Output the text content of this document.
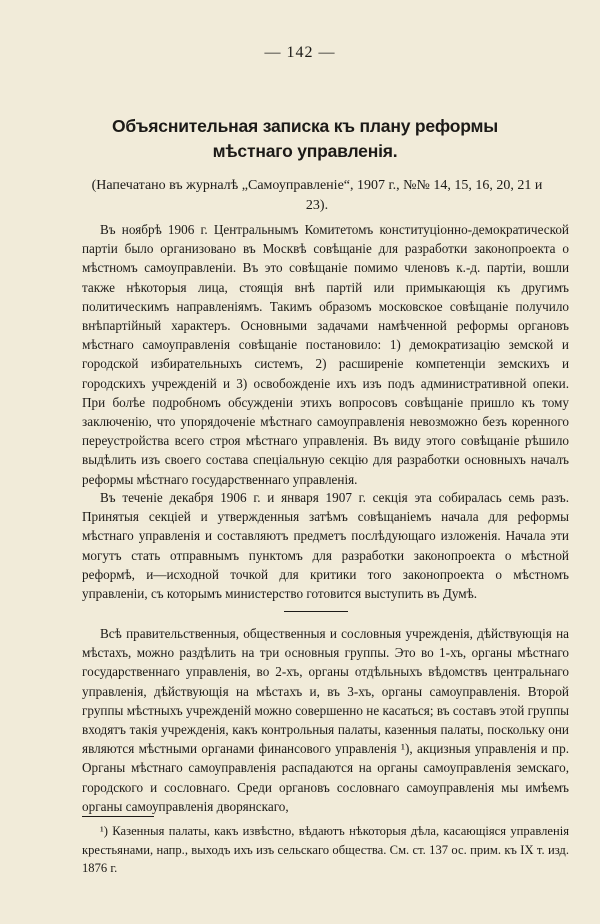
— 142 —
Объяснительная записка къ плану реформы мѣстнаго управленія.
(Напечатано въ журналѣ „Самоуправленіе“, 1907 г., №№ 14, 15, 16, 20, 21 и 23).

Въ ноябрѣ 1906 г. Центральнымъ Комитетомъ конституціонно-демократической партіи было организовано въ Москвѣ совѣщаніе для разработки законопроекта о мѣстномъ самоуправленіи. Въ это совѣщаніе помимо членовъ к.-д. партіи, вошли также нѣкоторыя лица, стоящія внѣ партій или примыкающія къ другимъ политическимъ направленіямъ. Такимъ образомъ московское совѣщаніе получило внѣпартійный характеръ. Основными задачами намѣченной реформы органовъ мѣстнаго самоуправленія совѣщаніе постановило: 1) демократизацію земской и городской избирательныхъ системъ, 2) расширеніе компетенціи земскихъ и городскихъ учрежденій и 3) освобожденіе ихъ изъ подъ административной опеки. При болѣе подробномъ обсужденіи этихъ вопросовъ совѣщаніе пришло къ тому заключенію, что упорядоченіе мѣстнаго самоуправленія невозможно безъ коренного переустройства всего строя мѣстнаго управленія. Въ виду этого совѣщаніе рѣшило выдѣлить изъ своего состава спеціальную секцію для разработки основныхъ началъ реформы мѣстнаго государственнаго управленія.

Въ теченіе декабря 1906 г. и января 1907 г. секція эта собиралась семь разъ. Принятыя секціей и утвержденныя затѣмъ совѣщаніемъ начала для реформы мѣстнаго управленія и составляютъ предметъ послѣдующаго изложенія. Начала эти могутъ стать отправнымъ пунктомъ для разработки законопроекта о мѣстной реформѣ, и—исходной точкой для критики того законопроекта о мѣстномъ управленіи, съ которымъ министерство готовится выступить въ Думѣ.

Всѣ правительственныя, общественныя и сословныя учрежденія, дѣйствующія на мѣстахъ, можно раздѣлить на три основныя группы. Это во 1-хъ, органы мѣстнаго государственнаго управленія, во 2-хъ, органы отдѣльныхъ вѣдомствъ центральнаго управленія, дѣйствующія на мѣстахъ и, въ 3-хъ, органы самоуправленія. Второй группы мѣстныхъ учрежденій можно совершенно не касаться; въ составъ этой группы входятъ такія учрежденія, какъ контрольныя палаты, казенныя палаты, поскольку они являются мѣстными органами финансового управленія ¹), акцизныя управленія и пр. Органы мѣстнаго самоуправленія распадаются на органы самоуправленія земскаго, городского и сословнаго. Среди органовъ сословнаго самоуправленія мы имѣемъ органы самоуправленія дворянскаго,

¹) Казенныя палаты, какъ извѣстно, вѣдаютъ нѣкоторыя дѣла, касающіяся управленія крестьянами, напр., выходъ ихъ изъ сельскаго общества. См. ст. 137 ос. прим. къ IX т. изд. 1876 г.
